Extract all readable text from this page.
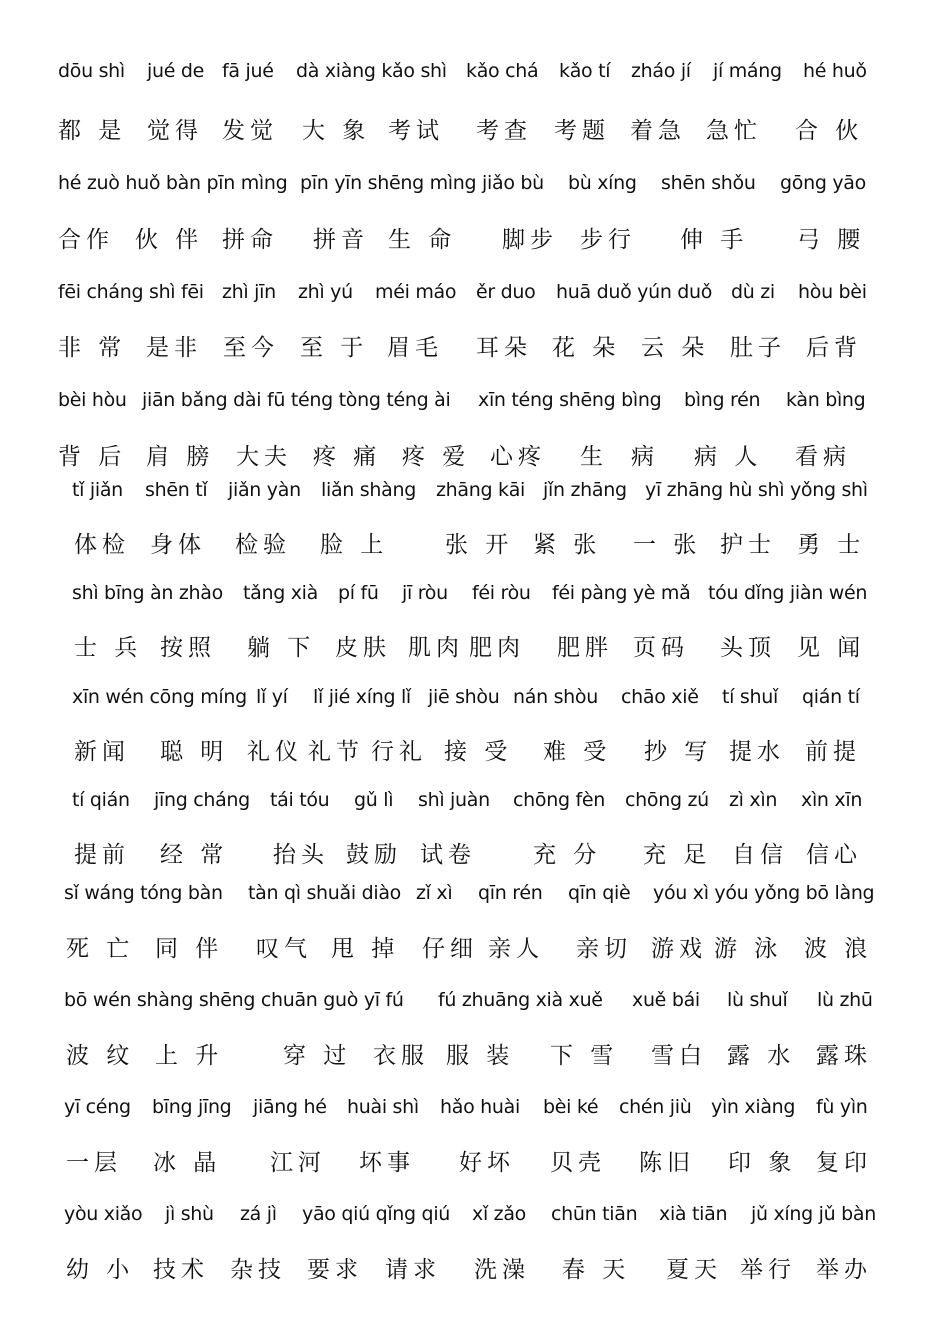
dōu shì jué de fā jué dà xiàng kǎo shì kǎo chá kǎo tí zháo jí jí máng hé huǒ
都 是 觉得 发觉 大 象 考试 考查 考题 着急 急忙 合 伙
hé zuò huǒ bàn pīn mìng pīn yīn shēng mìng jiǎo bù bù xíng shēn shǒu gōng yāo
合作 伙 伴 拼命 拼音 生 命 脚步 步行 伸 手 弓 腰
fēi cháng shì fēi zhì jīn zhì yú méi máo ěr duo huā duǒ yún duǒ dù zi hòu bèi
非 常 是非 至今 至 于 眉毛 耳朵 花 朵 云 朵 肚子 后背
bèi hòu jiān bǎng dài fū téng tòng téng ài xīn téng shēng bìng bìng rén kàn bìng
背 后 肩 膀 大夫 疼 痛 疼 爱 心疼 生 病 病 人 看病
tǐ jiǎn shēn tǐ jiǎn yàn liǎn shàng zhāng kāi jǐn zhāng yī zhāng hù shì yǒng shì
体检 身体 检验 脸 上 张 开 紧 张 一 张 护士 勇 士
shì bīng àn zhào tǎng xià pí fū jī ròu féi ròu féi pàng yè mǎ tóu dǐng jiàn wén
士 兵 按照 躺 下 皮肤 肌肉 肥肉 肥胖 页码 头顶 见 闻
xīn wén cōng míng lǐ yí lǐ jié xíng lǐ jiē shòu nán shòu chāo xiě tí shuǐ qián tí
新闻 聪 明 礼仪 礼节 行礼 接 受 难 受 抄 写 提水 前提
tí qián jīng cháng tái tóu gǔ lì shì juàn chōng fèn chōng zú zì xìn xìn xīn
提前 经 常 抬头 鼓励 试卷 充 分 充 足 自信 信心
sǐ wáng tóng bàn tàn qì shuǎi diào zǐ xì qīn rén qīn qiè yóu xì yóu yǒng bō làng
死 亡 同 伴 叹气 甩 掉 仔细 亲人 亲切 游戏 游 泳 波 浪
bō wén shàng shēng chuān guò yī fú fú zhuāng xià xuě xuě bái lù shuǐ lù zhū
波 纹 上 升	穿 过 衣服 服 装 下 雪 雪白 露 水 露珠
yī céng bīng jīng jiāng hé huài shì hǎo huài bèi ké chén jiù yìn xiàng fù yìn
一层 冰 晶 江河 坏事 好坏 贝壳 陈旧 印 象 复印
yòu xiǎo jì shù zá jì yāo qiú qǐng qiú xǐ zǎo chūn tiān xià tiān jǔ xíng jǔ bàn
幼 小 技术 杂技 要求 请求 洗澡 春 天 夏天 举行 举办
